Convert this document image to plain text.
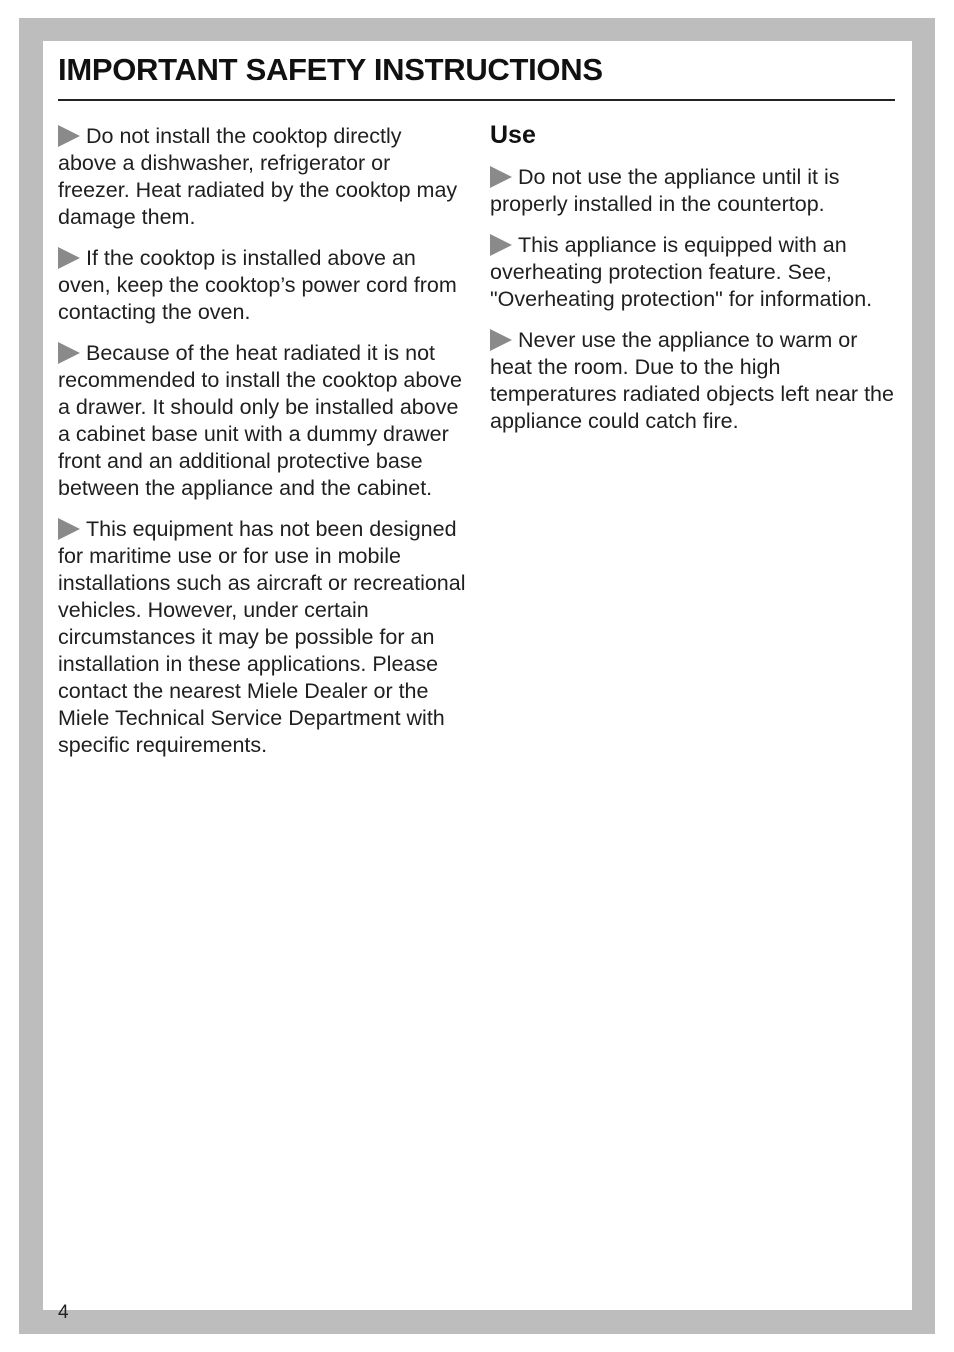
IMPORTANT SAFETY INSTRUCTIONS

Do not install the cooktop directly above a dishwasher, refrigerator or freezer. Heat radiated by the cooktop may damage them.

If the cooktop is installed above an oven, keep the cooktop’s power cord from contacting the oven.

Because of the heat radiated it is not recommended to install the cooktop above a drawer. It should only be installed above a cabinet base unit with a dummy drawer front and an additional protective base between the appliance and the cabinet.

This equipment has not been designed for maritime use or for use in mobile installations such as aircraft or recreational vehicles. However, under certain circumstances it may be possible for an installation in these applications. Please contact the nearest Miele Dealer or the Miele Technical Service Department with specific requirements.

Use

Do not use the appliance until it is properly installed in the countertop.

This appliance is equipped with an overheating protection feature. See, "Overheating protection" for information.

Never use the appliance to warm or heat the room. Due to the high temperatures radiated objects left near the appliance could catch fire.

4
